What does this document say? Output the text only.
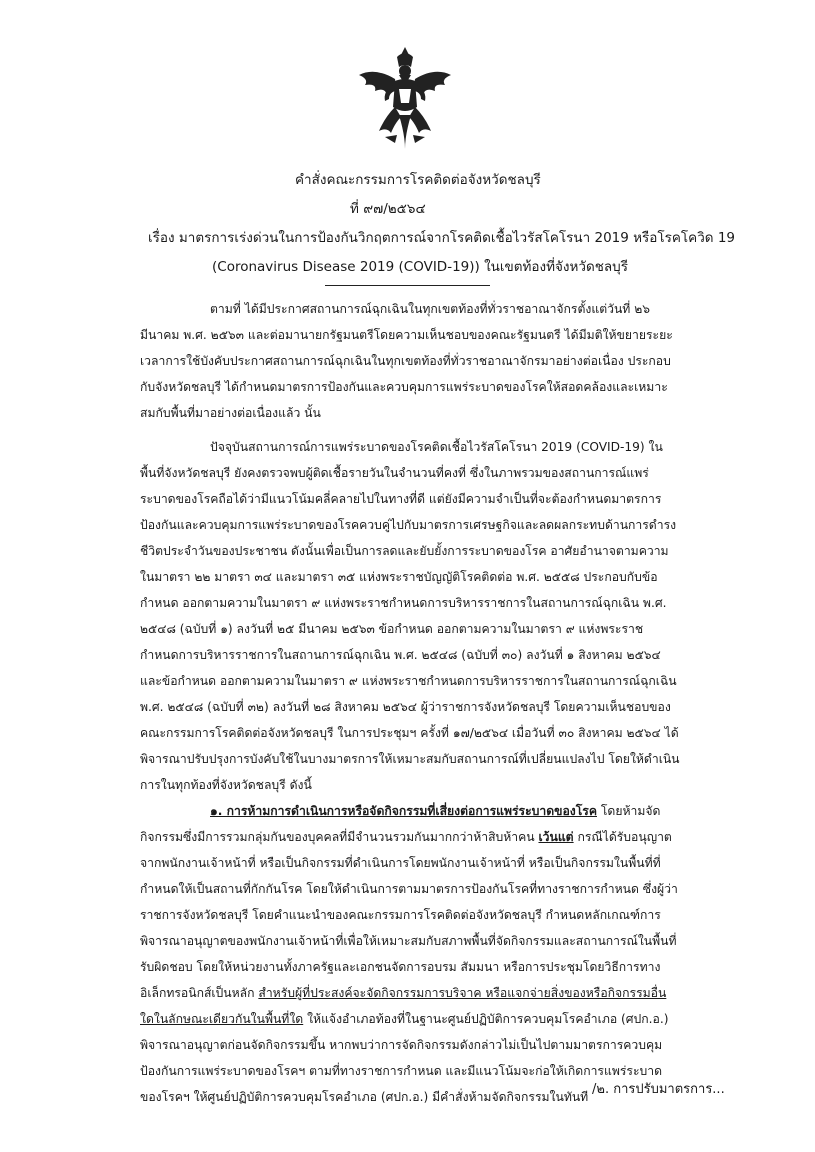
คำสั่งคณะกรรมการโรคติดต่อจังหวัดชลบุรี
ที่ ๙๗/๒๕๖๔
เรื่อง มาตรการเร่งด่วนในการป้องกันวิกฤตการณ์จากโรคติดเชื้อไวรัสโคโรนา 2019 หรือโรคโควิด 19
(Coronavirus Disease 2019 (COVID-19)) ในเขตท้องที่จังหวัดชลบุรี

ตามที่ ได้มีประกาศสถานการณ์ฉุกเฉินในทุกเขตท้องที่ทั่วราชอาณาจักรตั้งแต่วันที่ ๒๖ มีนาคม พ.ศ. ๒๕๖๓ และต่อมานายกรัฐมนตรีโดยความเห็นชอบของคณะรัฐมนตรี ได้มีมติให้ขยายระยะเวลาการใช้บังคับประกาศสถานการณ์ฉุกเฉินในทุกเขตท้องที่ทั่วราชอาณาจักรมาอย่างต่อเนื่อง ประกอบกับจังหวัดชลบุรี ได้กำหนดมาตรการป้องกันและควบคุมการแพร่ระบาดของโรคให้สอดคล้องและเหมาะสมกับพื้นที่มาอย่างต่อเนื่องแล้ว นั้น

ปัจจุบันสถานการณ์การแพร่ระบาดของโรคติดเชื้อไวรัสโคโรนา 2019 (COVID-19) ในพื้นที่จังหวัดชลบุรี ยังคงตรวจพบผู้ติดเชื้อรายวันในจำนวนที่คงที่ ซึ่งในภาพรวมของสถานการณ์แพร่ระบาดของโรคถือได้ว่ามีแนวโน้มคลี่คลายไปในทางที่ดี แต่ยังมีความจำเป็นที่จะต้องกำหนดมาตรการป้องกันและควบคุมการแพร่ระบาดของโรคควบคู่ไปกับมาตรการเศรษฐกิจและลดผลกระทบด้านการดำรงชีวิตประจำวันของประชาชน ดังนั้นเพื่อเป็นการลดและยับยั้งการระบาดของโรค อาศัยอำนาจตามความในมาตรา ๒๒ มาตรา ๓๔ และมาตรา ๓๕ แห่งพระราชบัญญัติโรคติดต่อ พ.ศ. ๒๕๕๘ ประกอบกับข้อกำหนด ออกตามความในมาตรา ๙ แห่งพระราชกำหนดการบริหารราชการในสถานการณ์ฉุกเฉิน พ.ศ. ๒๕๔๘ (ฉบับที่ ๑) ลงวันที่ ๒๕ มีนาคม ๒๕๖๓ ข้อกำหนด ออกตามความในมาตรา ๙ แห่งพระราชกำหนดการบริหารราชการในสถานการณ์ฉุกเฉิน พ.ศ. ๒๕๔๘ (ฉบับที่ ๓๐) ลงวันที่ ๑ สิงหาคม ๒๕๖๔ และข้อกำหนด ออกตามความในมาตรา ๙ แห่งพระราชกำหนดการบริหารราชการในสถานการณ์ฉุกเฉิน พ.ศ. ๒๕๔๘ (ฉบับที่ ๓๒) ลงวันที่ ๒๘ สิงหาคม ๒๕๖๔ ผู้ว่าราชการจังหวัดชลบุรี โดยความเห็นชอบของคณะกรรมการโรคติดต่อจังหวัดชลบุรี ในการประชุมฯ ครั้งที่ ๑๗/๒๕๖๔ เมื่อวันที่ ๓๐ สิงหาคม ๒๕๖๔ ได้พิจารณาปรับปรุงการบังคับใช้ในบางมาตรการให้เหมาะสมกับสถานการณ์ที่เปลี่ยนแปลงไป โดยให้ดำเนินการในทุกท้องที่จังหวัดชลบุรี ดังนี้

๑. การห้ามการดำเนินการหรือจัดกิจกรรมที่เสี่ยงต่อการแพร่ระบาดของโรค โดยห้ามจัดกิจกรรมซึ่งมีการรวมกลุ่มกันของบุคคลที่มีจำนวนรวมกันมากกว่าห้าสิบห้าคน เว้นแต่ กรณีได้รับอนุญาตจากพนักงานเจ้าหน้าที่ หรือเป็นกิจกรรมที่ดำเนินการโดยพนักงานเจ้าหน้าที่ หรือเป็นกิจกรรมในพื้นที่ที่กำหนดให้เป็นสถานที่กักกันโรค โดยให้ดำเนินการตามมาตรการป้องกันโรคที่ทางราชการกำหนด ซึ่งผู้ว่าราชการจังหวัดชลบุรี โดยคำแนะนำของคณะกรรมการโรคติดต่อจังหวัดชลบุรี กำหนดหลักเกณฑ์การพิจารณาอนุญาตของพนักงานเจ้าหน้าที่เพื่อให้เหมาะสมกับสภาพพื้นที่จัดกิจกรรมและสถานการณ์ในพื้นที่รับผิดชอบ โดยให้หน่วยงานทั้งภาครัฐและเอกชนจัดการอบรม สัมมนา หรือการประชุมโดยวิธีการทางอิเล็กทรอนิกส์เป็นหลัก สำหรับผู้ที่ประสงค์จะจัดกิจกรรมการบริจาค หรือแจกจ่ายสิ่งของหรือกิจกรรมอื่นใดในลักษณะเดียวกันในพื้นที่ใด ให้แจ้งอำเภอท้องที่ในฐานะศูนย์ปฏิบัติการควบคุมโรคอำเภอ (ศปก.อ.) พิจารณาอนุญาตก่อนจัดกิจกรรมขึ้น หากพบว่าการจัดกิจกรรมดังกล่าวไม่เป็นไปตามมาตรการควบคุม ป้องกันการแพร่ระบาดของโรคฯ ตามที่ทางราชการกำหนด และมีแนวโน้มจะก่อให้เกิดการแพร่ระบาดของโรคฯ ให้ศูนย์ปฏิบัติการควบคุมโรคอำเภอ (ศปก.อ.) มีคำสั่งห้ามจัดกิจกรรมในทันที /๒. การปรับมาตรการ...
